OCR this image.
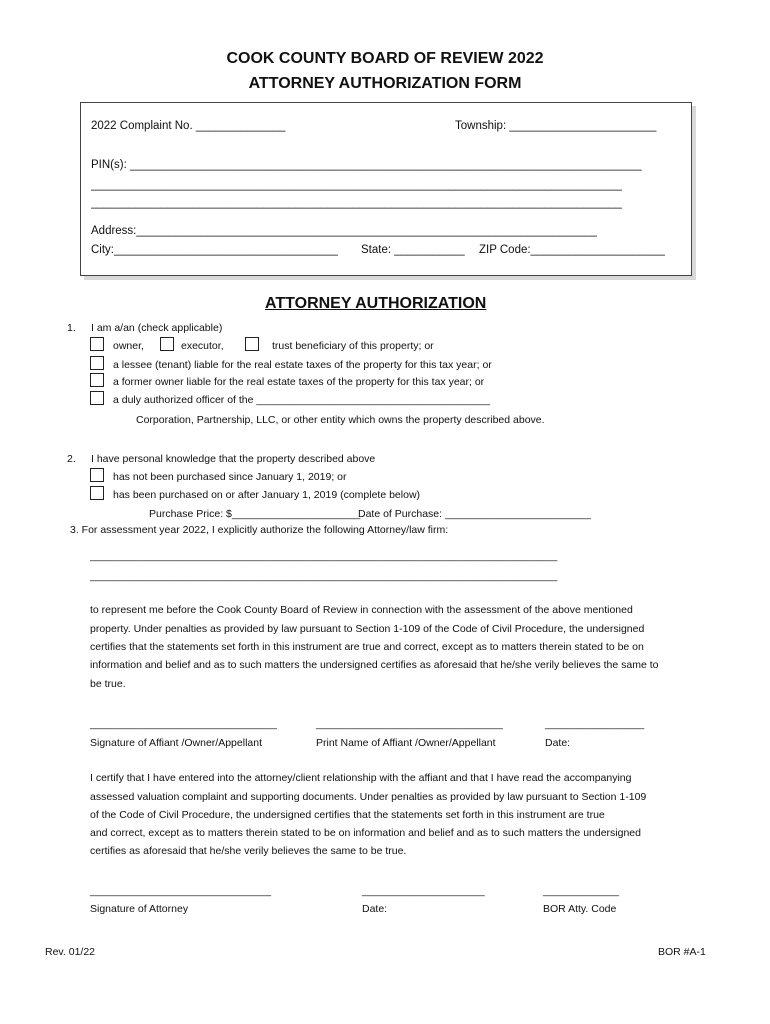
COOK COUNTY BOARD OF REVIEW 2022
ATTORNEY AUTHORIZATION FORM
2022 Complaint No. ______________	Township: _______________________
PIN(s): ________________________________________________________________________________
___________________________________________________________________________________
___________________________________________________________________________________
Address:________________________________________________________________________
City:___________________________________ State: ___________ ZIP Code:_____________________
ATTORNEY AUTHORIZATION
1. I am a/an (check applicable)
owner,	executor,	trust beneficiary of this property; or
a lessee (tenant) liable for the real estate taxes of the property for this tax year; or
a former owner liable for the real estate taxes of the property for this tax year; or
a duly authorized officer of the ________________________________________
Corporation, Partnership, LLC, or other entity which owns the property described above.
2. I have personal knowledge that the property described above
has not been purchased since January 1, 2019; or
has been purchased on or after January 1, 2019 (complete below)
Purchase Price: $______________________
Date of Purchase: _________________________
3. For assessment year 2022, I explicitly authorize the following Attorney/law firm:
________________________________________________________________________________
________________________________________________________________________________
to represent me before the Cook County Board of Review in connection with the assessment of the above mentioned
property. Under penalties as provided by law pursuant to Section 1-109 of the Code of Civil Procedure, the undersigned
certifies that the statements set forth in this instrument are true and correct, except as to matters therein stated to be on
information and belief and as to such matters the undersigned certifies as aforesaid that he/she verily believes the same to
be true.
________________________________	________________________________	_________________
Signature of Affiant /Owner/Appellant	Print Name of Affiant /Owner/Appellant	Date:
I certify that I have entered into the attorney/client relationship with the affiant and that I have read the accompanying
assessed valuation complaint and supporting documents. Under penalties as provided by law pursuant to Section 1-109
of the Code of Civil Procedure, the undersigned certifies that the statements set forth in this instrument are true
and correct, except as to matters therein stated to be on information and belief and as to such matters the undersigned
certifies as aforesaid that he/she verily believes the same to be true.
_______________________________	_____________________	_____________
Signature of Attorney	Date:	BOR Atty. Code
Rev. 01/22	BOR #A-1
